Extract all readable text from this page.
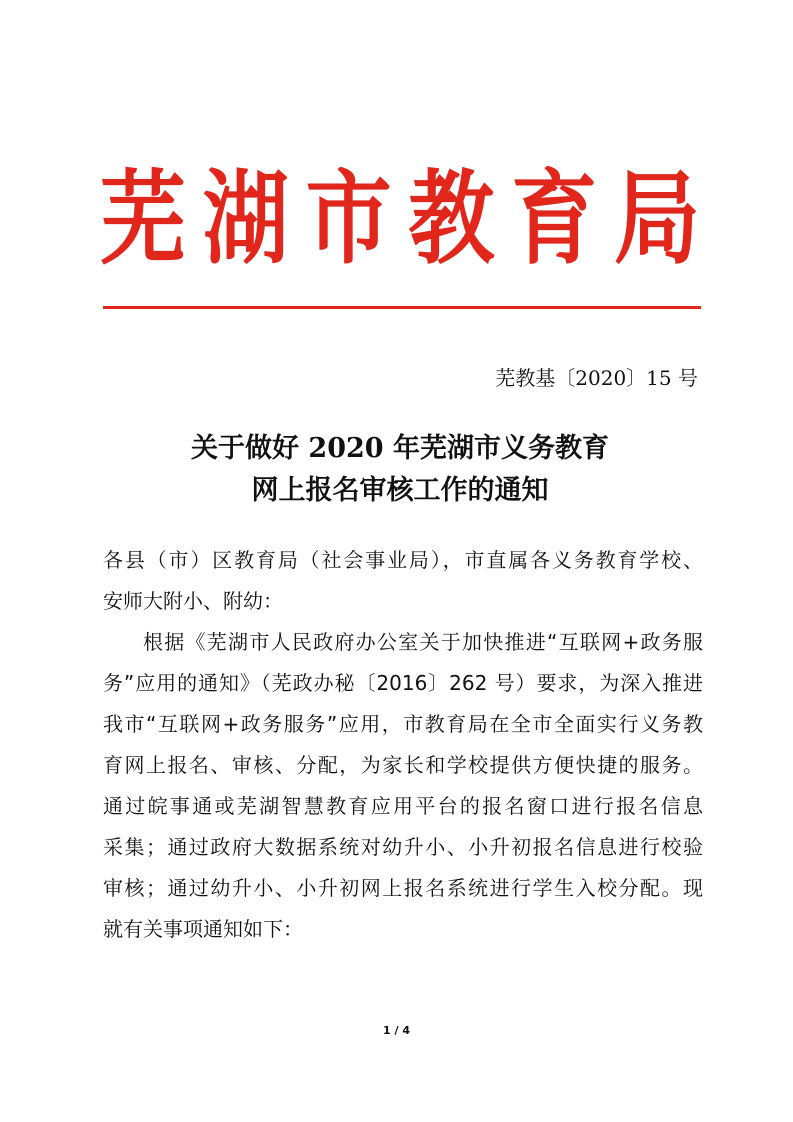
芜 湖 市 教 育 局
芜教基〔2020〕15 号
关于做好 2020 年芜湖市义务教育
网上报名审核工作的通知
各县（市）区教育局（社会事业局），市直属各义务教育学校、
安师大附小、附幼：
根据《芜湖市人民政府办公室关于加快推进“互联网+政务服
务”应用的通知》（芜政办秘〔2016〕262 号）要求，为深入推进
我市“互联网+政务服务”应用，市教育局在全市全面实行义务教
育网上报名、审核、分配，为家长和学校提供方便快捷的服务。
通过皖事通或芜湖智慧教育应用平台的报名窗口进行报名信息
采集；通过政府大数据系统对幼升小、小升初报名信息进行校验
审核；通过幼升小、小升初网上报名系统进行学生入校分配。现
就有关事项通知如下：
1 / 4
